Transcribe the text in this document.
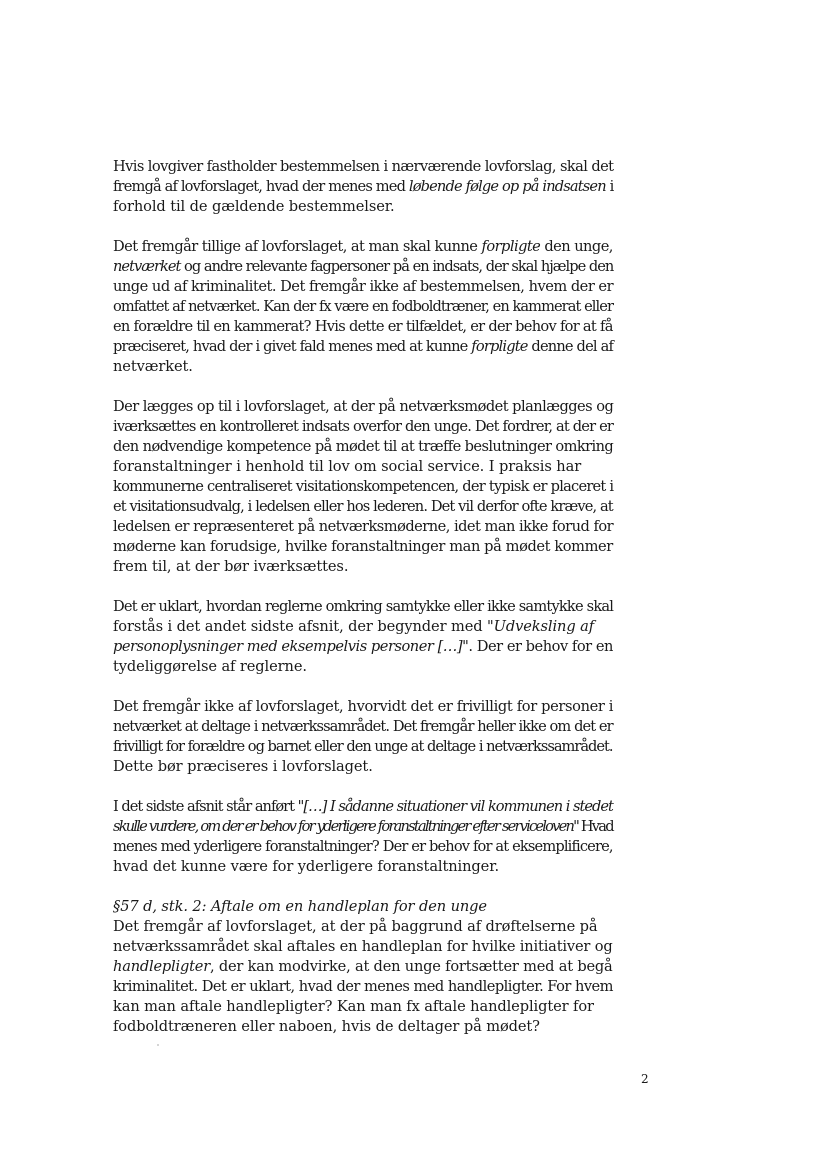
Hvis lovgiver fastholder bestemmelsen i nærværende lovforslag, skal det
fremgå af lovforslaget, hvad der menes med løbende følge op på indsatsen i
forhold til de gældende bestemmelser.
Det fremgår tillige af lovforslaget, at man skal kunne forpligte den unge,
netværket og andre relevante fagpersoner på en indsats, der skal hjælpe den
unge ud af kriminalitet. Det fremgår ikke af bestemmelsen, hvem der er
omfattet af netværket. Kan der fx være en fodboldtræner, en kammerat eller
en forældre til en kammerat? Hvis dette er tilfældet, er der behov for at få
præciseret, hvad der i givet fald menes med at kunne forpligte denne del af
netværket.
Der lægges op til i lovforslaget, at der på netværksmødet planlægges og
iværksættes en kontrolleret indsats overfor den unge. Det fordrer, at der er
den nødvendige kompetence på mødet til at træffe beslutninger omkring
foranstaltninger i henhold til lov om social service. I praksis har
kommunerne centraliseret visitationskompetencen, der typisk er placeret i
et visitationsudvalg, i ledelsen eller hos lederen. Det vil derfor ofte kræve, at
ledelsen er repræsenteret på netværksmøderne, idet man ikke forud for
møderne kan forudsige, hvilke foranstaltninger man på mødet kommer
frem til, at der bør iværksættes.
Det er uklart, hvordan reglerne omkring samtykke eller ikke samtykke skal
forstås i det andet sidste afsnit, der begynder med "Udveksling af
personoplysninger med eksempelvis personer […]". Der er behov for en
tydeliggørelse af reglerne.
Det fremgår ikke af lovforslaget, hvorvidt det er frivilligt for personer i
netværket at deltage i netværkssamrådet. Det fremgår heller ikke om det er
frivilligt for forældre og barnet eller den unge at deltage i netværkssamrådet.
Dette bør præciseres i lovforslaget.
I det sidste afsnit står anført "[…] I sådanne situationer vil kommunen i stedet
skulle vurdere, om der er behov for yderligere foranstaltninger efter serviceloven" Hvad
menes med yderligere foranstaltninger? Der er behov for at eksemplificere,
hvad det kunne være for yderligere foranstaltninger.
§57 d, stk. 2: Aftale om en handleplan for den unge
Det fremgår af lovforslaget, at der på baggrund af drøftelserne på
netværkssamrådet skal aftales en handleplan for hvilke initiativer og
handlepligter, der kan modvirke, at den unge fortsætter med at begå
kriminalitet. Det er uklart, hvad der menes med handlepligter. For hvem
kan man aftale handlepligter? Kan man fx aftale handlepligter for
fodboldtræneren eller naboen, hvis de deltager på mødet?
2
